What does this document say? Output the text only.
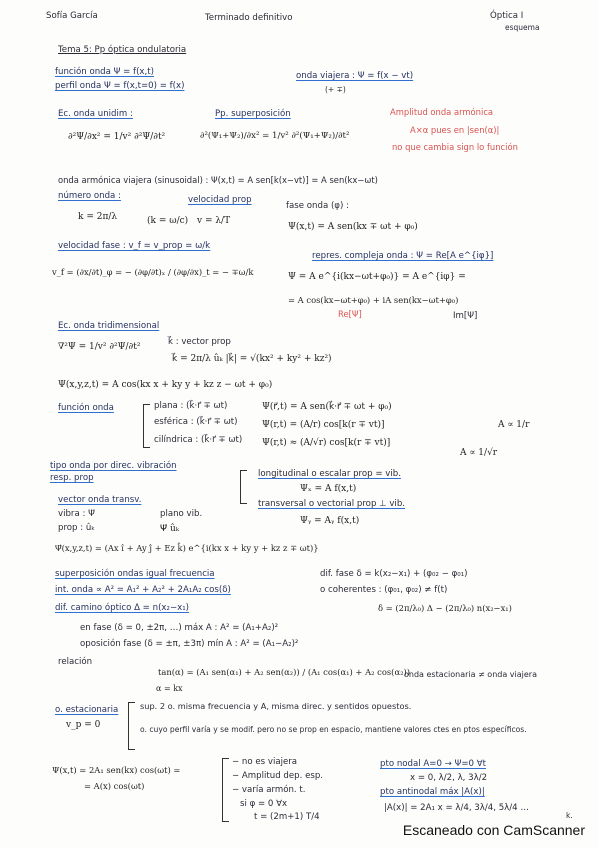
Sofía García	Terminado definitivo	Óptica I
esquema
Tema 5: Pp óptica ondulatoria
función onda Ψ = f(x,t)
perfil onda Ψ = f(x,t=0) = f(x)
onda viajera : Ψ = f(x − vt)
(+ ∓)
Ec. onda unidim :
∂²Ψ/∂x² = 1/v² ∂²Ψ/∂t²
Pp. superposición
∂²(Ψ₁+Ψ₂)/∂x² = 1/v² ∂²(Ψ₁+Ψ₂)/∂t²
Amplitud onda armónica
A×α pues en |sen(α)|
no que cambia sign lo función
onda armónica viajera (sinusoidal) : Ψ(x,t) = A sen[k(x−vt)] = A sen(kx−ωt)
número onda :	velocidad prop
fase onda (φ) :
k = 2π/λ	(k = ω/c) v = λ/T
Ψ(x,t) = A sen(kx ∓ ωt + φ₀)
velocidad fase : v_f = v_prop = ω/k
repres. compleja onda : Ψ = Re[A e^{iφ}]
v_f = (∂x/∂t)_φ = − (∂φ/∂t)ₓ / (∂φ/∂x)_t = − ∓ω/k	Ψ = A e^{i(kx−ωt+φ₀)} = A e^{iφ} =
= A cos(kx−ωt+φ₀) + iA sen(kx−ωt+φ₀)
Re[Ψ]	Im[Ψ]
Ec. onda tridimensional
∇²Ψ = 1/v² ∂²Ψ/∂t²	k⃗ : vector prop
k⃗ = 2π/λ ûₖ |k⃗| = √(kx² + ky² + kz²)
Ψ(x,y,z,t) = A cos(kx x + ky y + kz z − ωt + φ₀)
función onda	plana : (k⃗·r⃗ ∓ ωt)
esférica : (k⃗·r⃗ ∓ ωt)
cilíndrica : (k⃗·r⃗ ∓ ωt)
Ψ(r⃗,t) = A sen(k⃗·r⃗ ∓ ωt + φ₀)
Ψ(r,t) = (A/r) cos[k(r ∓ vt)]
Ψ(r,t) ≈ (A/√r) cos[k(r ∓ vt)]
A ∝ 1/r
A ∝ 1/√r
tipo onda por direc. vibración
resp. prop	longitudinal o escalar prop = vib.
Ψₓ = A f(x,t)
transversal o vectorial prop ⊥ vib.
Ψᵧ = Aᵧ f(x,t)
vector onda transv.
vibra : Ψ⃗
prop : ûₖ
plano vib.
Ψ⃗ ûₖ
Ψ⃗(x,y,z,t) = (Ax î + Ay ĵ + Ez k̂) e^{i(kx x + ky y + kz z ∓ ωt)}
superposición ondas igual frecuencia	dif. fase δ = k(x₂−x₁) + (φ₀₂ − φ₀₁)
int. onda ∝ A² = A₁² + A₂² + 2A₁A₂ cos(δ)	o coherentes : (φ₀₁, φ₀₂) ≠ f(t)
dif. camino óptico Δ = n(x₂−x₁)	δ = (2π/λ₀) Δ − (2π/λ₀) n(x₂−x₁)
en fase (δ = 0, ±2π, …) máx A : A² = (A₁+A₂)²
oposición fase (δ = ±π, ±3π) mín A : A² = (A₁−A₂)²
relación
tan(α) = (A₁ sen(α₁) + A₂ sen(α₂)) / (A₁ cos(α₁) + A₂ cos(α₂))
α = kx
onda estacionaria ≠ onda viajera
o. estacionaria
v_p = 0
sup. 2 o. misma frecuencia y A, misma direc. y sentidos opuestos.
o. cuyo perfil varía y se modif. pero no se prop en espacio, mantiene valores ctes en ptos específicos.
Ψ(x,t) = 2A₁ sen(kx) cos(ωt) =
= A(x) cos(ωt)
− no es viajera
− Amplitud dep. esp.
− varía armón. t.
si φ = 0 ∀x
t = (2m+1) T/4
pto nodal A=0 → Ψ=0 ∀t
x = 0, λ/2, λ, 3λ/2
pto antinodal máx |A(x)|
|A(x)| = 2A₁ x = λ/4, 3λ/4, 5λ/4 …
k.
Escaneado con CamScanner
